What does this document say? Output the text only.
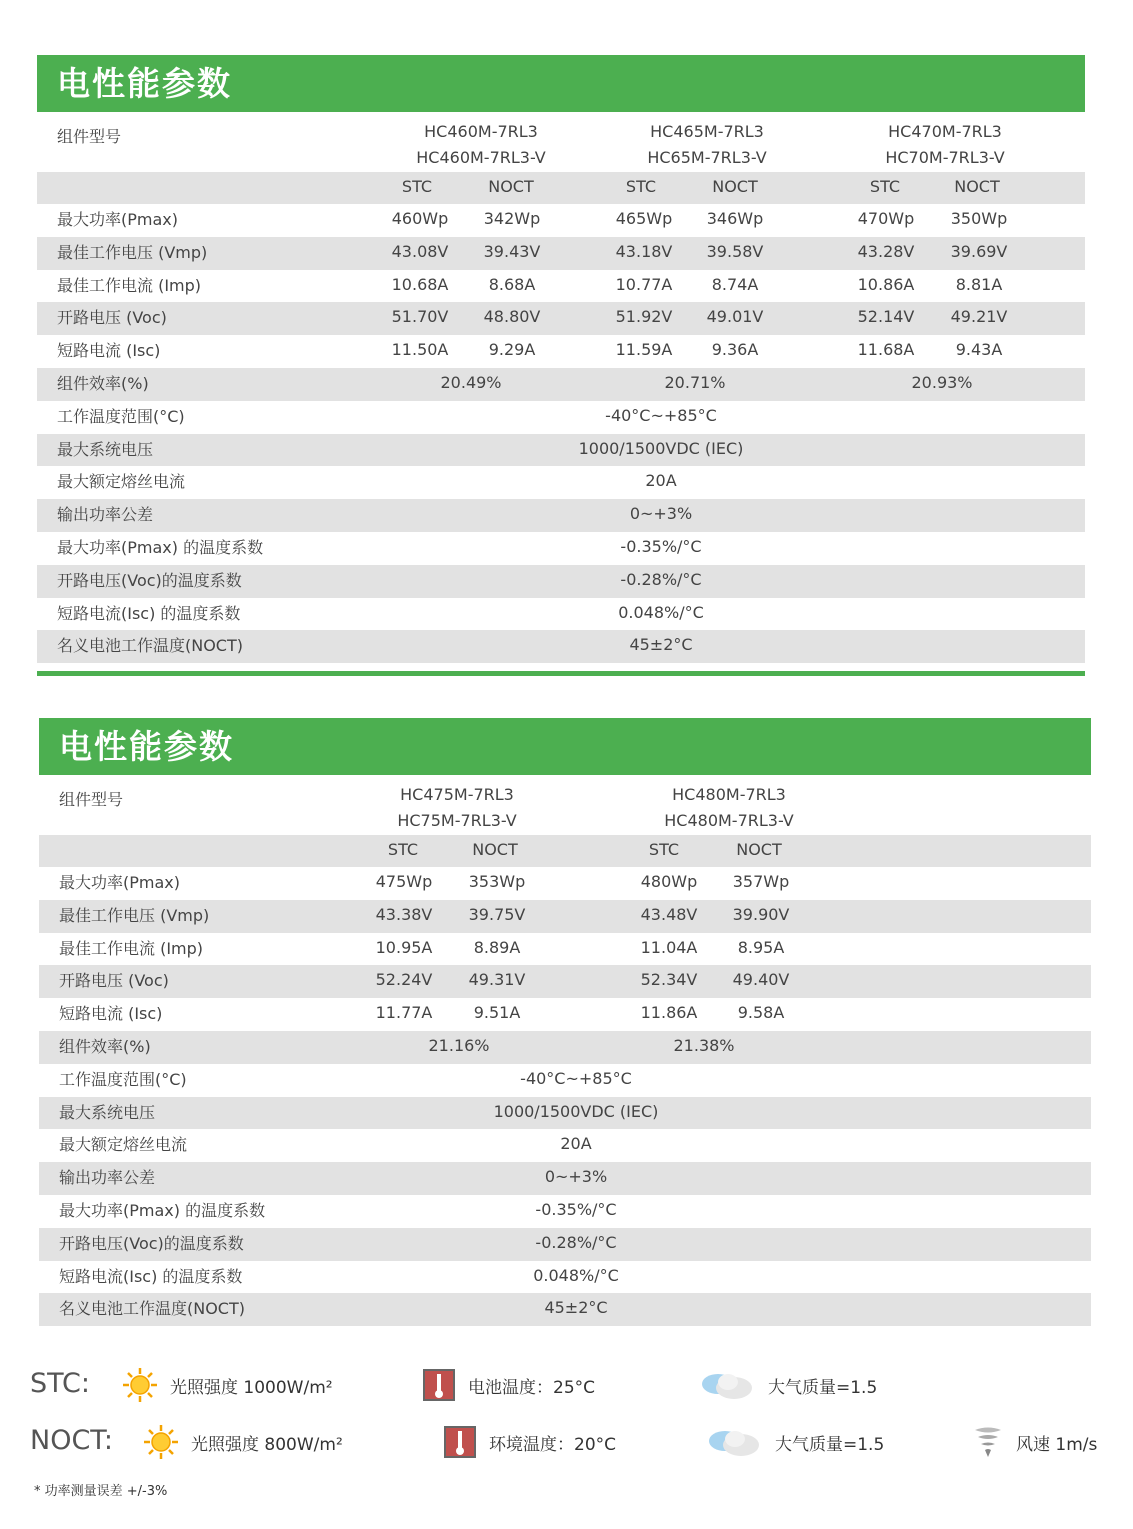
电性能参数
组件型号	HC460M-7RL3
HC460M-7RL3-V
HC465M-7RL3
HC65M-7RL3-V
HC470M-7RL3
HC70M-7RL3-V
STC	NOCT	STC	NOCT	STC	NOCT
最大功率(Pmax)	460Wp 342Wp	465Wp 346Wp	470Wp 350Wp
最佳工作电压 (Vmp)	43.08V 39.43V	43.18V 39.58V	43.28V 39.69V
最佳工作电流 (Imp)	10.68A	8.68A	10.77A 8.74A	10.86A	8.81A
开路电压 (Voc)	51.70V 48.80V	51.92V 49.01V	52.14V 49.21V
短路电流 (Isc)	11.50A	9.29A	11.59A 9.36A	11.68A	9.43A
组件效率(%)	20.49%	20.71%	20.93%
工作温度范围(°C)	-40°C~+85°C
最大系统电压	1000/1500VDC (IEC)
最大额定熔丝电流	20A
输出功率公差	0~+3%
最大功率(Pmax) 的温度系数	-0.35%/°C
开路电压(Voc)的温度系数	-0.28%/°C
短路电流(Isc) 的温度系数	0.048%/°C
名义电池工作温度(NOCT)	45±2°C
电性能参数
组件型号	HC475M-7RL3
HC75M-7RL3-V
HC480M-7RL3
HC480M-7RL3-V
STC	NOCT	STC	NOCT
最大功率(Pmax)	475Wp 353Wp	480Wp 357Wp
最佳工作电压 (Vmp)	43.38V 39.75V	43.48V 39.90V
最佳工作电流 (Imp)	10.95A	8.89A	11.04A	8.95A
开路电压 (Voc)	52.24V 49.31V	52.34V 49.40V
短路电流 (Isc)	11.77A	9.51A	11.86A	9.58A
组件效率(%)	21.16%	21.38%
工作温度范围(°C)	-40°C~+85°C
最大系统电压	1000/1500VDC (IEC)
最大额定熔丝电流	20A
输出功率公差	0~+3%
最大功率(Pmax) 的温度系数	-0.35%/°C
开路电压(Voc)的温度系数	-0.28%/°C
短路电流(Isc) 的温度系数	0.048%/°C
名义电池工作温度(NOCT)	45±2°C
STC:	光照强度 1000W/m²	电池温度：25°C	大气质量=1.5
NOCT:	光照强度 800W/m²	环境温度：20°C	大气质量=1.5	风速 1m/s
* 功率测量误差 +/-3%
